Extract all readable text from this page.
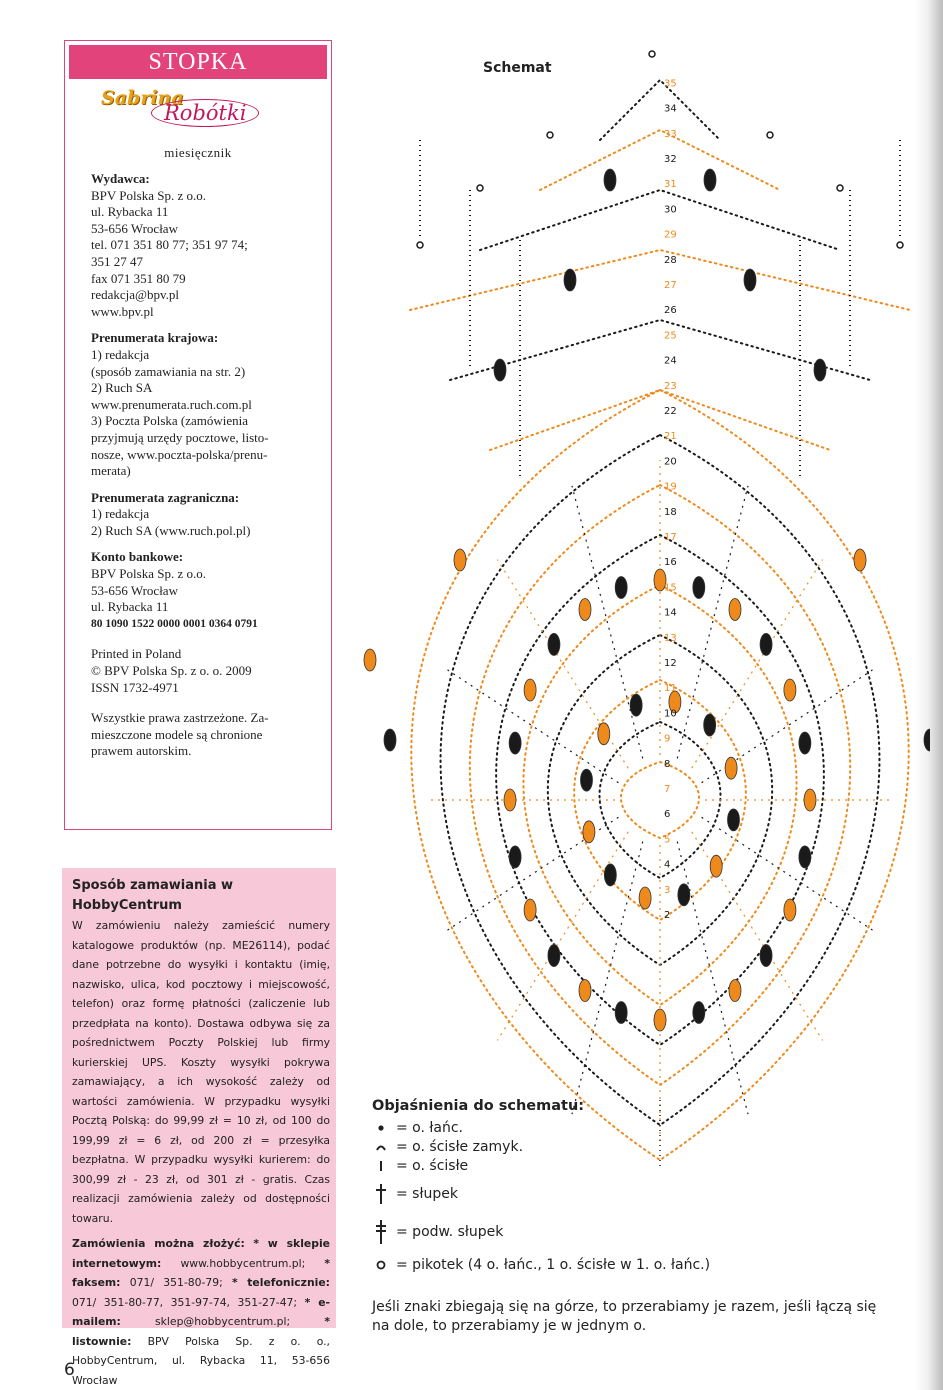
STOPKA
Sabrina
Robótki
miesięcznik

Wydawca:

BPV Polska Sp. z o.o.

ul. Rybacka 11

53-656 Wrocław

tel. 071 351 80 77; 351 97 74;

351 27 47

fax 071 351 80 79

redakcja@bpv.pl

www.bpv.pl

Prenumerata krajowa:

1) redakcja

(sposób zamawiania na str. 2)

2) Ruch SA

www.prenumerata.ruch.com.pl

3) Poczta Polska (zamówienia

przyjmują urzędy pocztowe, listo-

nosze, www.poczta-polska/prenu-

merata)

Prenumerata zagraniczna:

1) redakcja

2) Ruch SA (www.ruch.pol.pl)

Konto bankowe:

BPV Polska Sp. z o.o.

53-656 Wrocław

ul. Rybacka 11

80 1090 1522 0000 0001 0364 0791

Printed in Poland

© BPV Polska Sp. z o. o. 2009

ISSN 1732-4971

Wszystkie prawa zastrzeżone. Za-

mieszczone modele są chronione

prawem autorskim.

Sposób zamawiania w HobbyCentrum

W zamówieniu należy zamieścić numery katalogowe produktów (np. ME26114), podać dane potrzebne do wysyłki i kontaktu (imię, nazwisko, ulica, kod pocztowy i miejscowość, telefon) oraz formę płatności (zaliczenie lub przedpłata na konto). Dostawa odbywa się za pośrednictwem Poczty Polskiej lub firmy kurierskiej UPS. Koszty wysyłki pokrywa zamawiający, a ich wysokość zależy od wartości zamówienia. W przypadku wysyłki Pocztą Polską: do 99,99 zł = 10 zł, od 100 do 199,99 zł = 6 zł, od 200 zł = przesyłka bezpłatna. W przypadku wysyłki kurierem: do 300,99 zł - 23 zł, od 301 zł - gratis. Czas realizacji zamówienia zależy od dostępności towaru.

Zamówienia można złożyć: * w sklepie internetowym: www.hobbycentrum.pl; * faksem: 071/ 351-80-79; * telefonicznie: 071/ 351-80-77, 351-97-74, 351-27-47; * e-mailem:	sklep@hobbycentrum.pl;	* listownie: BPV Polska Sp. z o. o., HobbyCentrum, ul. Rybacka 11, 53-656 Wrocław

6
Schemat
2
3
4
5
6
7
8
9
10
11
12
13
14
15
16
17
18
19
20
21
22
23
24
25
26
27
28
29
30
31
32
33
34
35
Objaśnienia do schematu:
= o. łańc.
= o. ścisłe zamyk.
= o. ścisłe
= słupek
= podw. słupek
= pikotek (4 o. łańc., 1 o. ścisłe w 1. o. łańc.)
Jeśli znaki zbiegają się na górze, to przerabiamy je razem, jeśli łączą się na dole, to przerabiamy je w jednym o.
